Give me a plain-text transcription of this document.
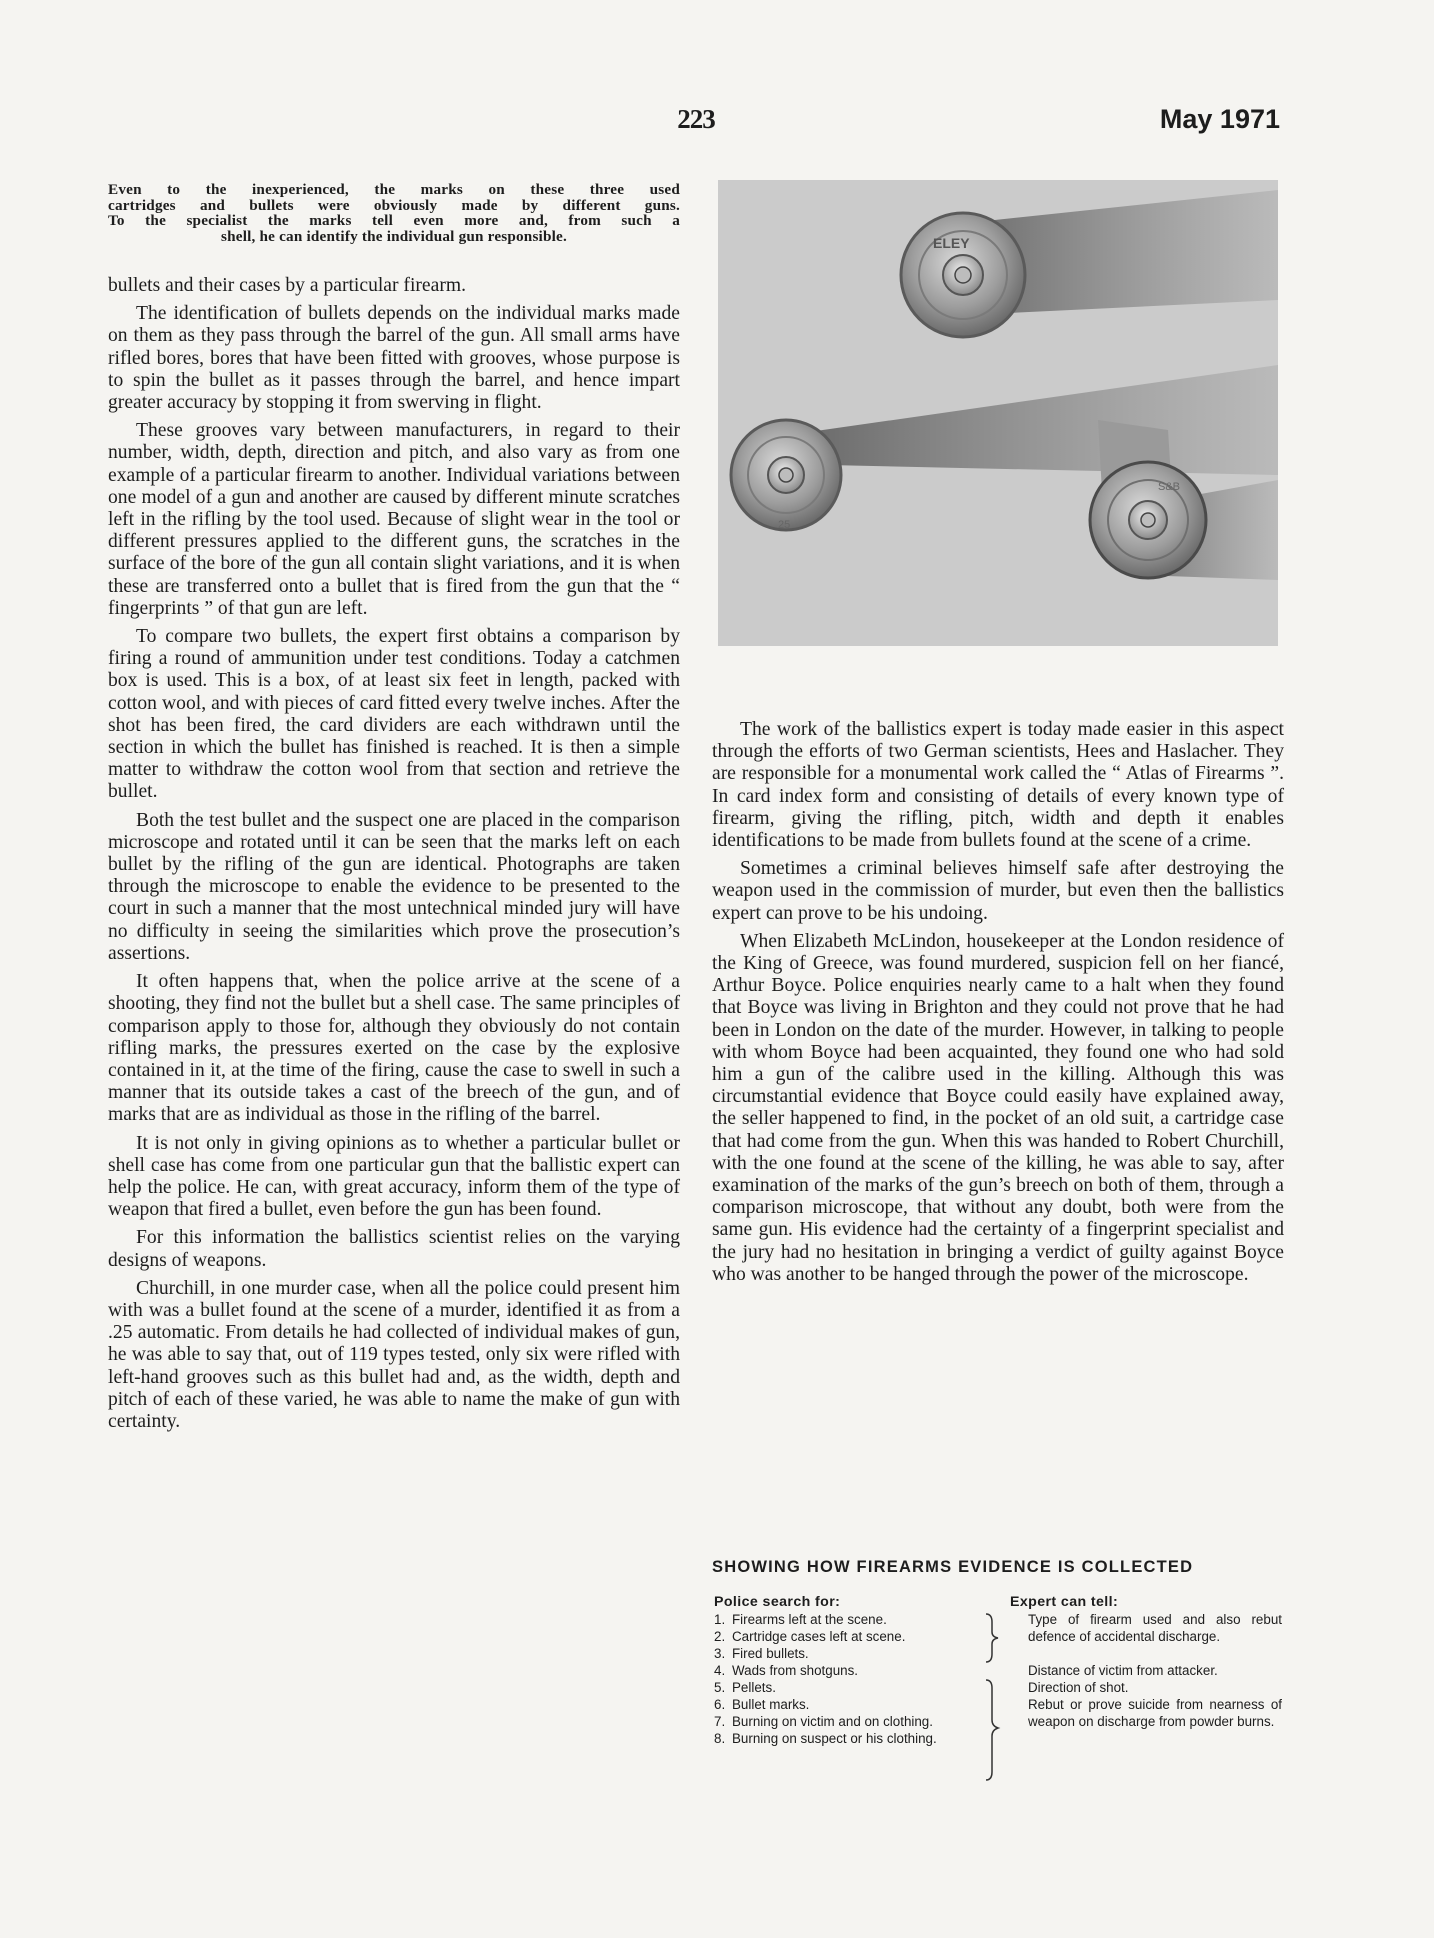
223	May 1971

Even to the inexperienced, the marks on these three used

cartridges and bullets were obviously made by different guns.

To the specialist the marks tell even more and, from such a

shell, he can identify the individual gun responsible.

bullets and their cases by a particular firearm.

The identification of bullets depends on the individual marks made on them as they pass through the barrel of the gun. All small arms have rifled bores, bores that have been fitted with grooves, whose purpose is to spin the bullet as it passes through the barrel, and hence impart greater accuracy by stopping it from swerving in flight.

These grooves vary between manufacturers, in regard to their number, width, depth, direction and pitch, and also vary as from one example of a particular firearm to another. Individual variations between one model of a gun and another are caused by different minute scratches left in the rifling by the tool used. Because of slight wear in the tool or different pressures applied to the different guns, the scratches in the surface of the bore of the gun all contain slight variations, and it is when these are transferred onto a bullet that is fired from the gun that the “ fingerprints ” of that gun are left.

To compare two bullets, the expert first obtains a comparison by firing a round of ammunition under test conditions. Today a catchmen box is used. This is a box, of at least six feet in length, packed with cotton wool, and with pieces of card fitted every twelve inches. After the shot has been fired, the card dividers are each withdrawn until the section in which the bullet has finished is reached. It is then a simple matter to withdraw the cotton wool from that section and retrieve the bullet.

Both the test bullet and the suspect one are placed in the comparison microscope and rotated until it can be seen that the marks left on each bullet by the rifling of the gun are identical. Photographs are taken through the microscope to enable the evidence to be presented to the court in such a manner that the most untechnical minded jury will have no difficulty in seeing the similarities which prove the prosecution’s assertions.

It often happens that, when the police arrive at the scene of a shooting, they find not the bullet but a shell case. The same principles of comparison apply to those for, although they obviously do not contain rifling marks, the pressures exerted on the case by the explosive contained in it, at the time of the firing, cause the case to swell in such a manner that its outside takes a cast of the breech of the gun, and of marks that are as individual as those in the rifling of the barrel.

It is not only in giving opinions as to whether a particular bullet or shell case has come from one particular gun that the ballistic expert can help the police. He can, with great accuracy, inform them of the type of weapon that fired a bullet, even before the gun has been found.

For this information the ballistics scientist relies on the varying designs of weapons.

Churchill, in one murder case, when all the police could present him with was a bullet found at the scene of a murder, identified it as from a .25 automatic. From details he had collected of individual makes of gun, he was able to say that, out of 119 types tested, only six were rifled with left-hand grooves such as this bullet had and, as the width, depth and pitch of each of these varied, he was able to name the make of gun with certainty.

ELEY
25
S&B

The work of the ballistics expert is today made easier in this aspect through the efforts of two German scientists, Hees and Haslacher. They are responsible for a monumental work called the “ Atlas of Firearms ”. In card index form and consisting of details of every known type of firearm, giving the rifling, pitch, width and depth it enables identifications to be made from bullets found at the scene of a crime.

Sometimes a criminal believes himself safe after destroying the weapon used in the commission of murder, but even then the ballistics expert can prove to be his undoing.

When Elizabeth McLindon, housekeeper at the London residence of the King of Greece, was found murdered, suspicion fell on her fiancé, Arthur Boyce. Police enquiries nearly came to a halt when they found that Boyce was living in Brighton and they could not prove that he had been in London on the date of the murder. However, in talking to people with whom Boyce had been acquainted, they found one who had sold him a gun of the calibre used in the killing. Although this was circumstantial evidence that Boyce could easily have explained away, the seller happened to find, in the pocket of an old suit, a cartridge case that had come from the gun. When this was handed to Robert Churchill, with the one found at the scene of the killing, he was able to say, after examination of the marks of the gun’s breech on both of them, through a comparison microscope, that without any doubt, both were from the same gun. His evidence had the certainty of a fingerprint specialist and the jury had no hesitation in bringing a verdict of guilty against Boyce who was another to be hanged through the power of the microscope.

SHOWING HOW FIREARMS EVIDENCE IS COLLECTED
Police search for:
1. Firearms left at the scene.
2. Cartridge cases left at scene.
3. Fired bullets.
4. Wads from shotguns.
5. Pellets.
6. Bullet marks.
7. Burning on victim and on clothing.
8. Burning on suspect or his clothing.
Expert can tell:

Type of firearm used and also rebut defence of accidental discharge.

Distance of victim from attacker.

Direction of shot.

Rebut or prove suicide from nearness of weapon on discharge from powder burns.
